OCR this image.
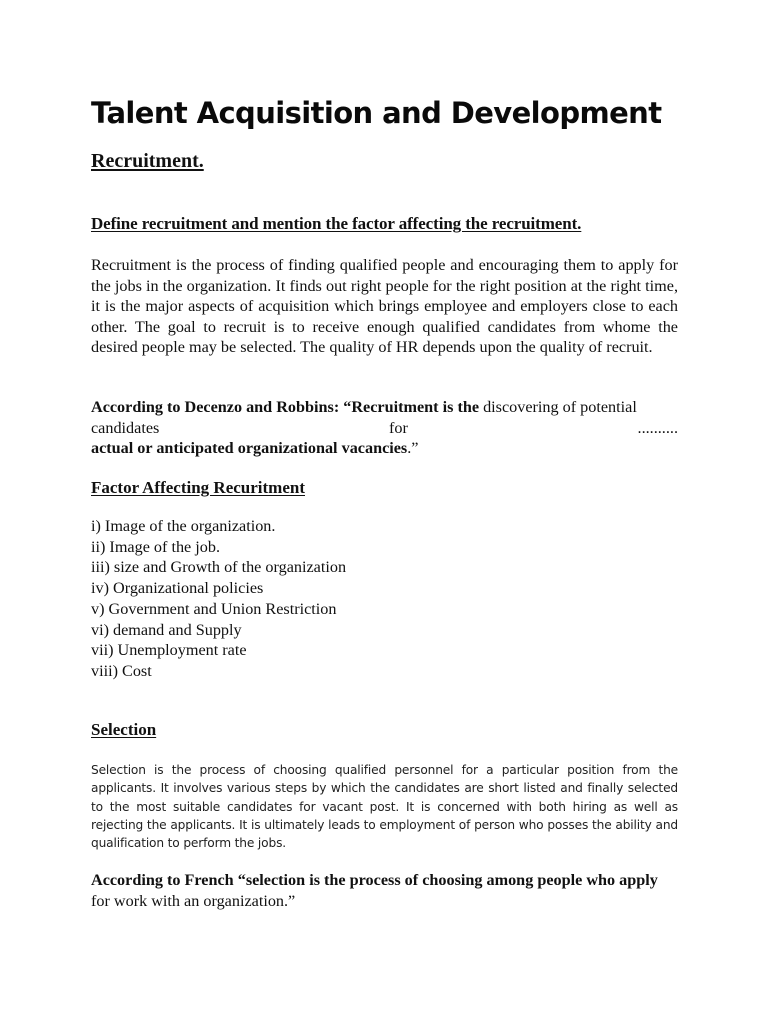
Talent Acquisition and Development
Recruitment.
Define recruitment and mention the factor affecting the recruitment.

Recruitment is the process of finding qualified people and encouraging them to apply for the jobs in the organization. It finds out right people for the right position at the right time, it is the major aspects of acquisition which brings employee and employers close to each other. The goal to recruit is to receive enough qualified candidates from whome the desired people may be selected. The quality of HR depends upon the quality of recruit.

According to Decenzo and Robbins: “Recruitment is the discovering of potential
candidates	for	..........
actual or anticipated organizational vacancies.”
Factor Affecting Recuritment
i) Image of the organization.
ii) Image of the job.
iii) size and Growth of the organization
iv) Organizational policies
v) Government and Union Restriction
vi) demand and Supply
vii) Unemployment rate
viii) Cost
Selection

Selection is the process of choosing qualified personnel for a particular position from the applicants. It involves various steps by which the candidates are short listed and finally selected to the most suitable candidates for vacant post. It is concerned with both hiring as well as rejecting the applicants. It is ultimately leads to employment of person who posses the ability and qualification to perform the jobs.

According to French “selection is the process of choosing among people who apply
for work with an organization.”
